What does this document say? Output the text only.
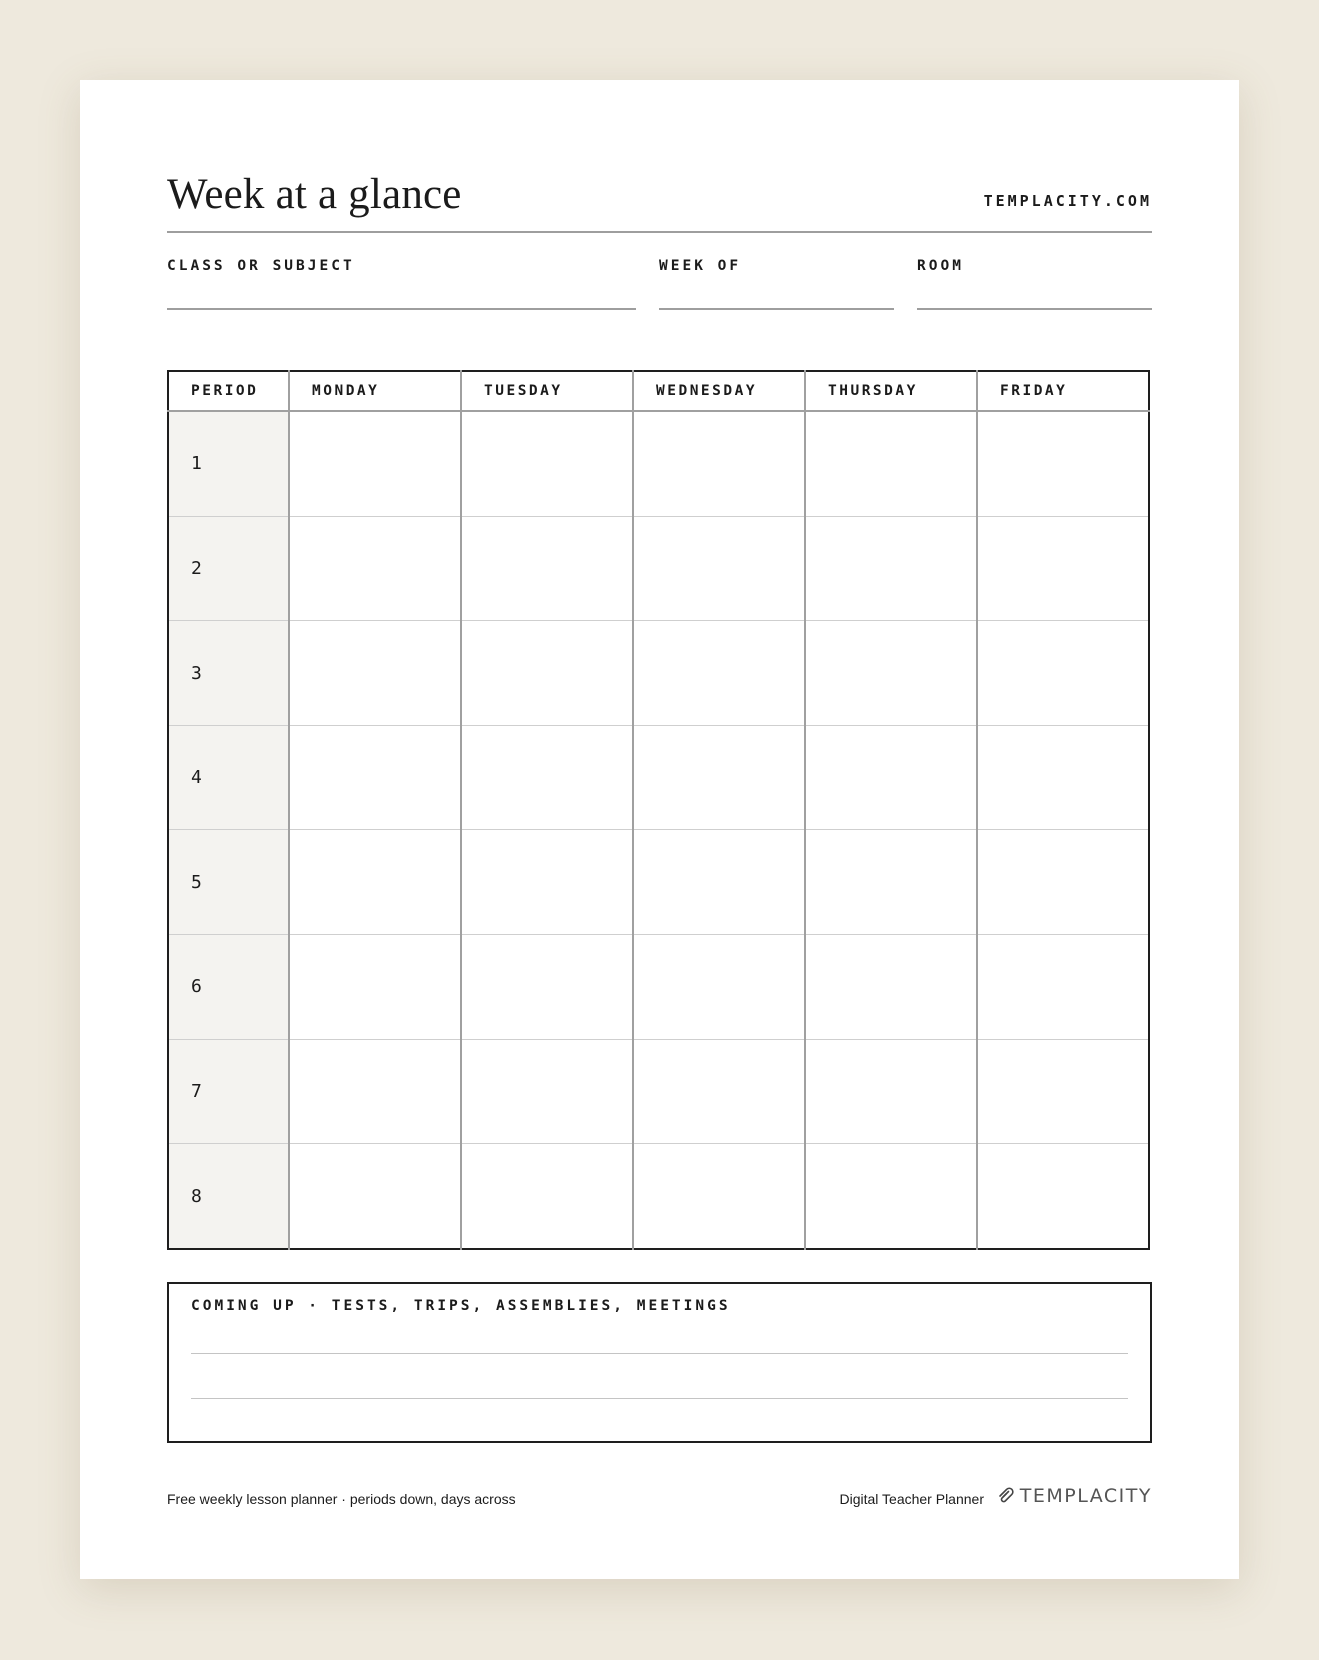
Week at a glance	TEMPLACITY.COM
CLASS OR SUBJECT	WEEK OF	ROOM
PERIOD	MONDAY	TUESDAY	WEDNESDAY	THURSDAY	FRIDAY
1					
2					
3					
4					
5					
6					
7					
8					
COMING UP · TESTS, TRIPS, ASSEMBLIES, MEETINGS
Free weekly lesson planner · periods down, days across	Digital Teacher Planner TEMPLACITY
